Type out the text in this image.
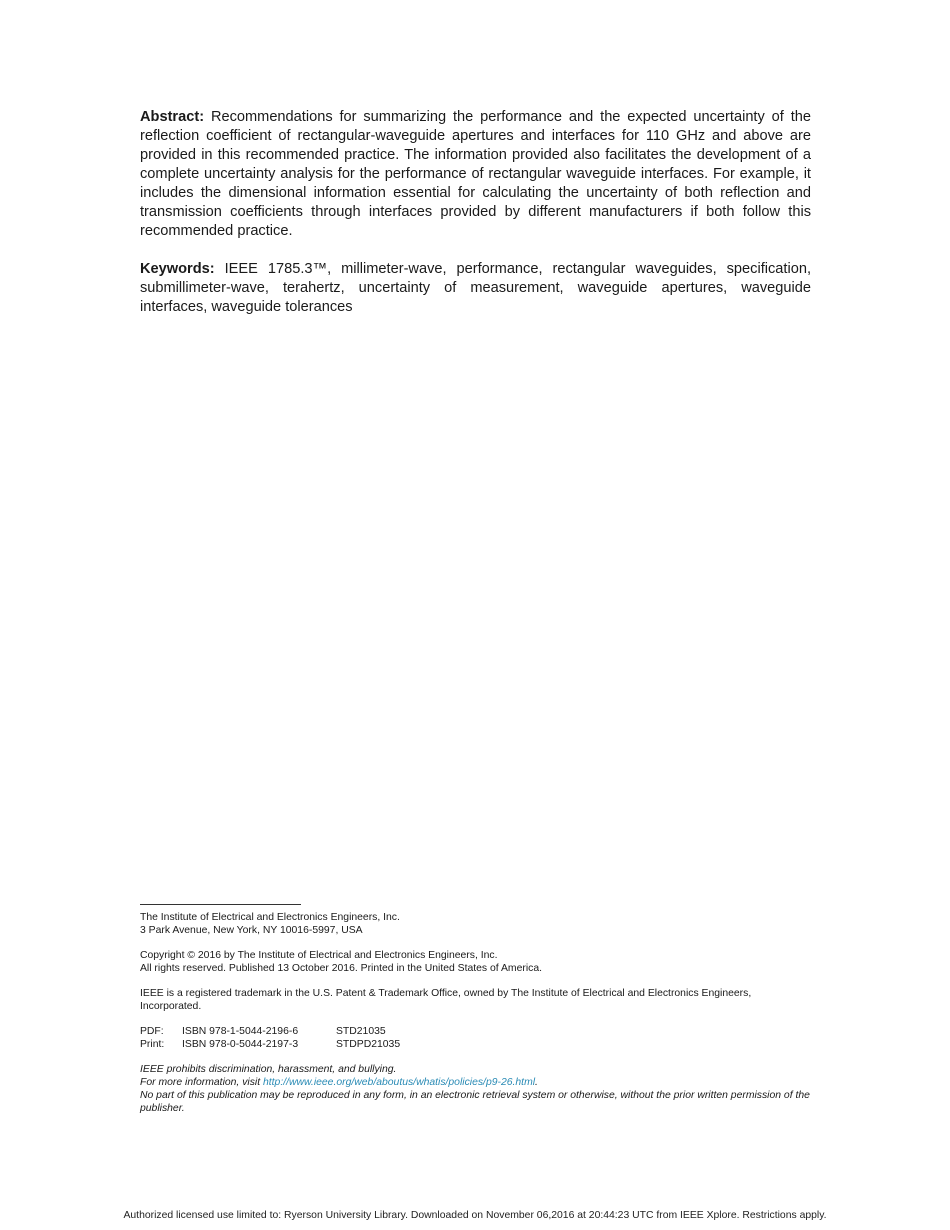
Abstract: Recommendations for summarizing the performance and the expected uncertainty of the reflection coefficient of rectangular-waveguide apertures and interfaces for 110 GHz and above are provided in this recommended practice. The information provided also facilitates the development of a complete uncertainty analysis for the performance of rectangular waveguide interfaces. For example, it includes the dimensional information essential for calculating the uncertainty of both reflection and transmission coefficients through interfaces provided by different manufacturers if both follow this recommended practice.

Keywords: IEEE 1785.3™, millimeter-wave, performance, rectangular waveguides, specification, submillimeter-wave, terahertz, uncertainty of measurement, waveguide apertures, waveguide interfaces, waveguide tolerances

The Institute of Electrical and Electronics Engineers, Inc.
3 Park Avenue, New York, NY 10016-5997, USA
Copyright © 2016 by The Institute of Electrical and Electronics Engineers, Inc.
All rights reserved. Published 13 October 2016. Printed in the United States of America.
IEEE is a registered trademark in the U.S. Patent & Trademark Office, owned by The Institute of Electrical and Electronics Engineers, Incorporated.
PDF:	ISBN 978-1-5044-2196-6	STD21035
Print:	ISBN 978-0-5044-2197-3	STDPD21035
IEEE prohibits discrimination, harassment, and bullying.
For more information, visit http://www.ieee.org/web/aboutus/whatis/policies/p9-26.html.
No part of this publication may be reproduced in any form, in an electronic retrieval system or otherwise, without the prior written permission of the publisher.
Authorized licensed use limited to: Ryerson University Library. Downloaded on November 06,2016 at 20:44:23 UTC from IEEE Xplore. Restrictions apply.
